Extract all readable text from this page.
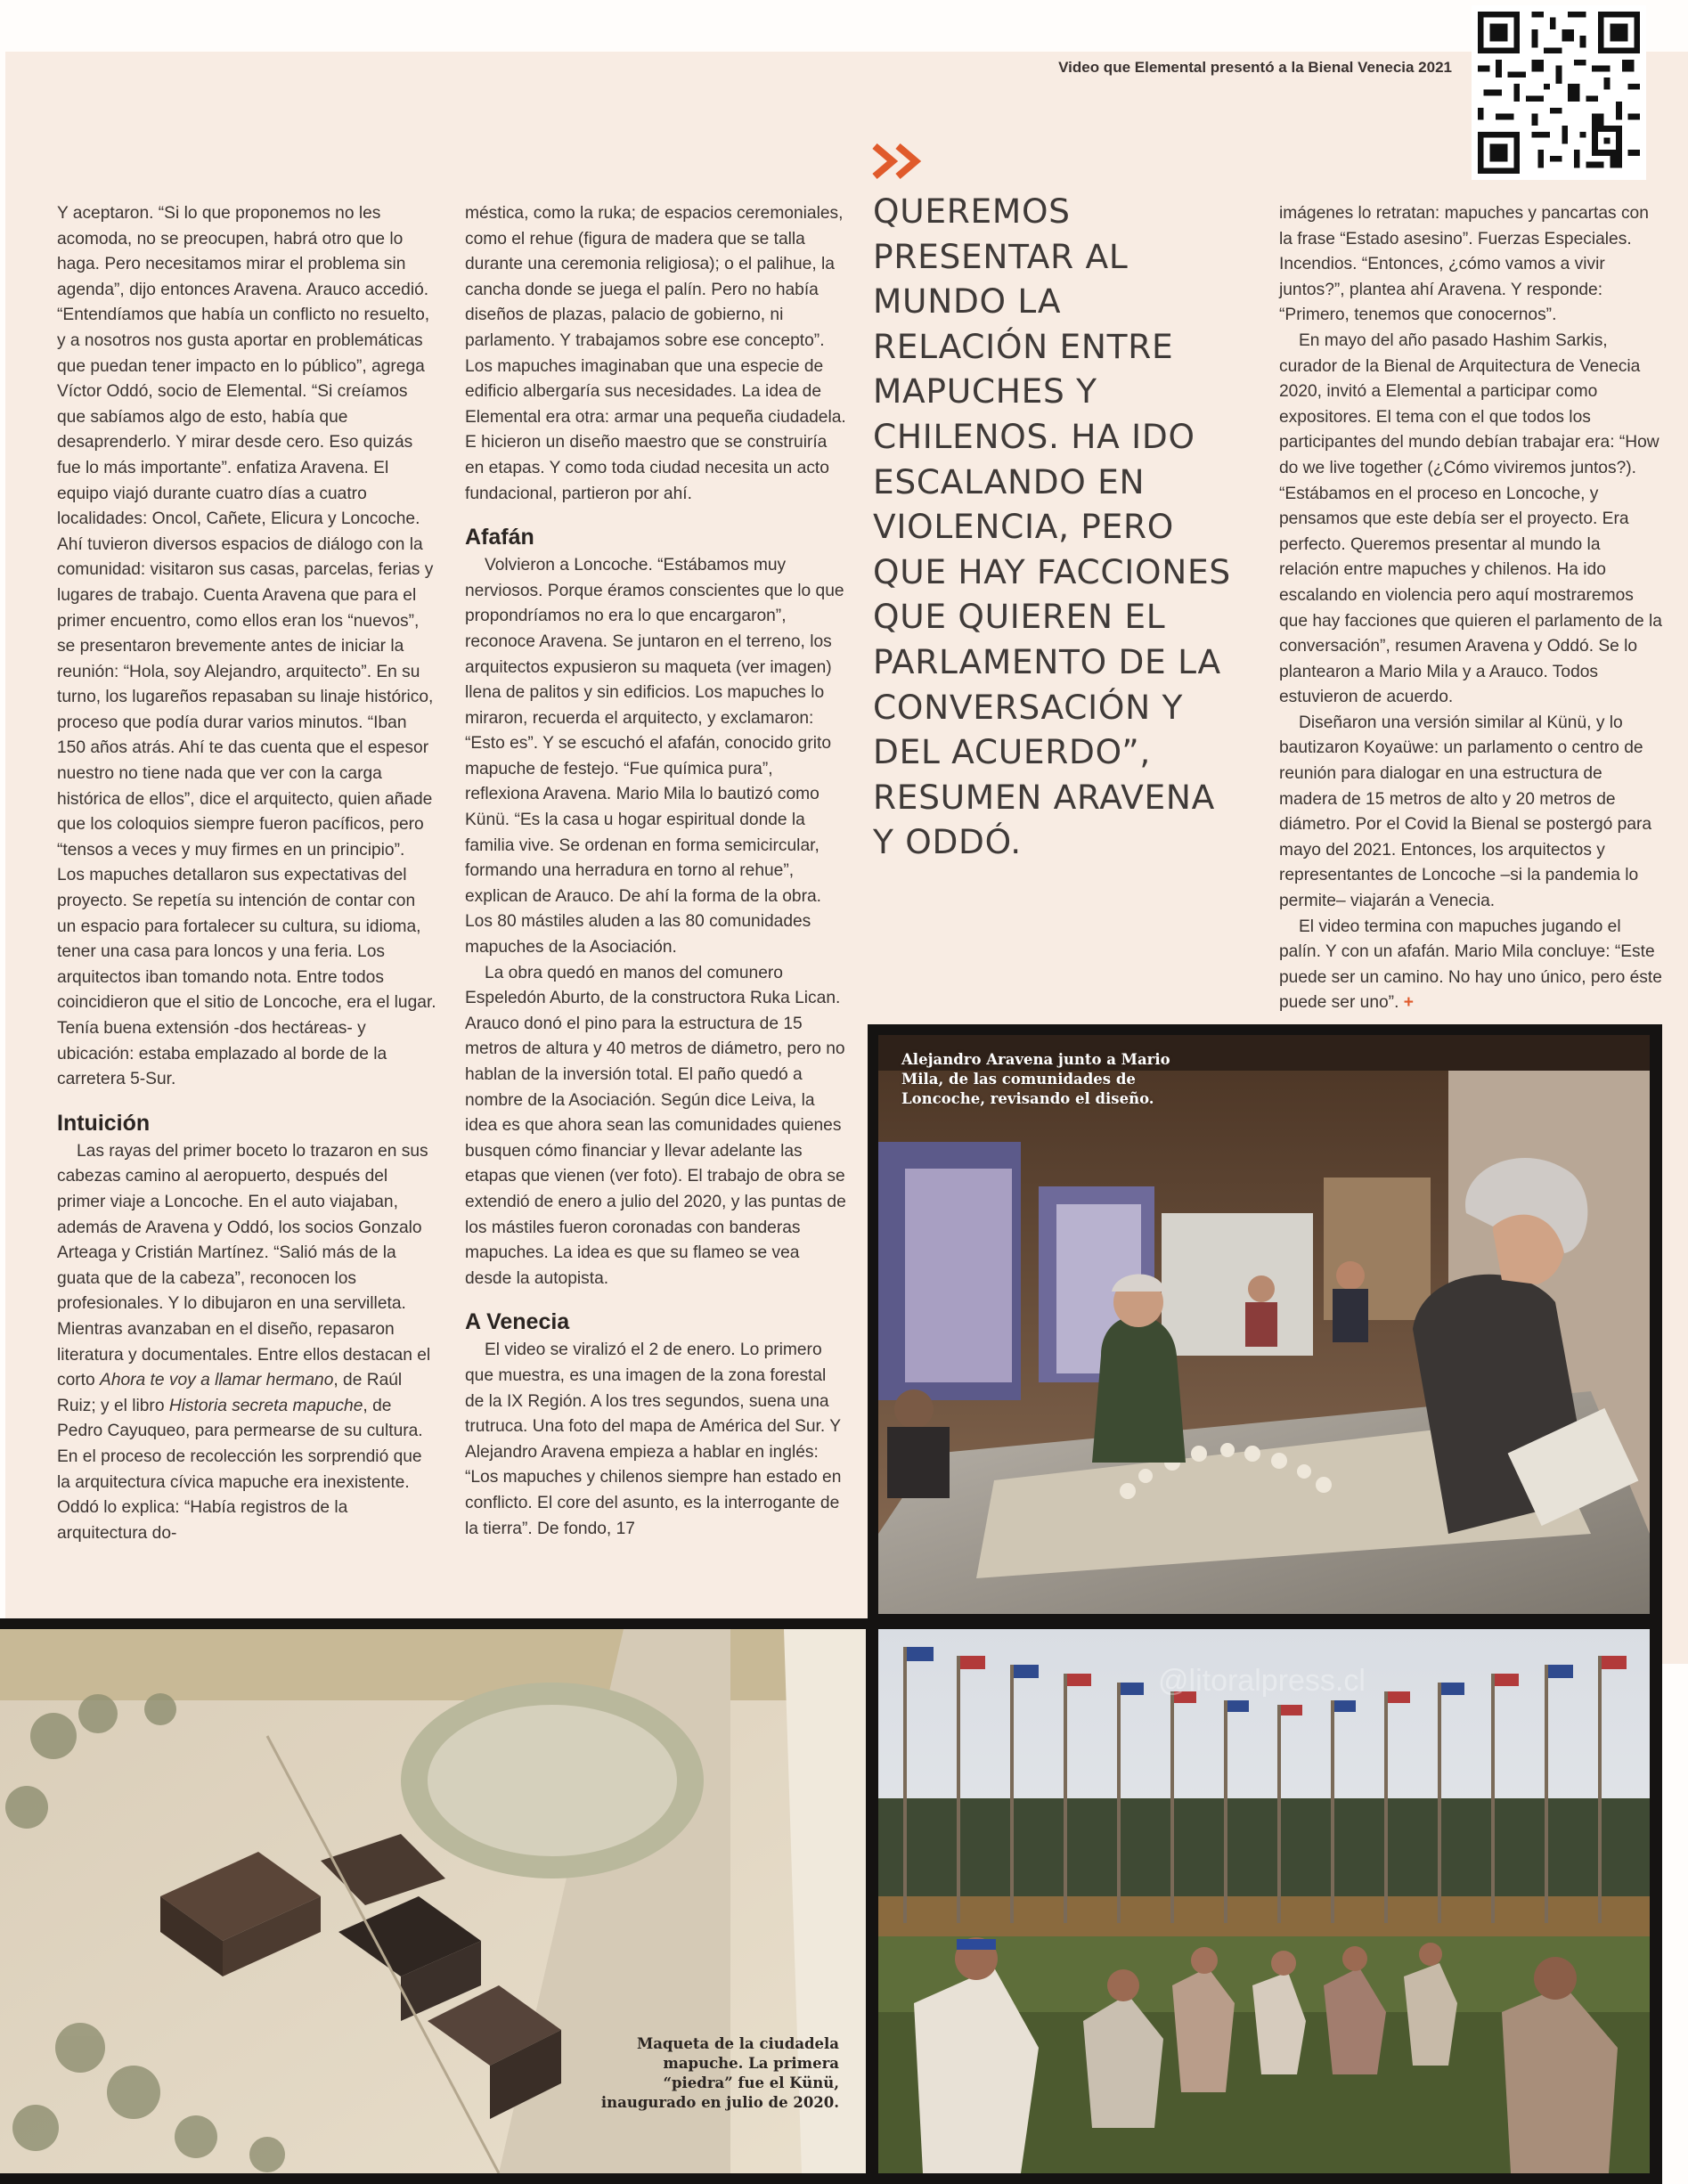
Video que Elemental presentó a la Bienal Venecia 2021

Y aceptaron. “Si lo que proponemos no les acomoda, no se preocupen, habrá otro que lo haga. Pero necesitamos mirar el problema sin agenda”, dijo entonces Aravena. Arauco accedió. “Entendíamos que había un conflicto no resuelto, y a nosotros nos gusta aportar en problemáticas que puedan tener impacto en lo público”, agrega Víctor Oddó, socio de Elemental. “Si creíamos que sabíamos algo de esto, había que desaprenderlo. Y mirar desde cero. Eso quizás fue lo más importante”. enfatiza Aravena. El equipo viajó durante cuatro días a cuatro localidades: Oncol, Cañete, Elicura y Loncoche. Ahí tuvieron diversos espacios de diálogo con la comunidad: visitaron sus casas, parcelas, ferias y lugares de trabajo. Cuenta Aravena que para el primer encuentro, como ellos eran los “nuevos”, se presentaron brevemente antes de iniciar la reunión: “Hola, soy Alejandro, arquitecto”. En su turno, los lugareños repasaban su linaje histórico, proceso que podía durar varios minutos. “Iban 150 años atrás. Ahí te das cuenta que el espesor nuestro no tiene nada que ver con la carga histórica de ellos”, dice el arquitecto, quien añade que los coloquios siempre fueron pacíficos, pero “tensos a veces y muy firmes en un principio”. Los mapuches detallaron sus expectativas del proyecto. Se repetía su intención de contar con un espacio para fortalecer su cultura, su idioma, tener una casa para loncos y una feria. Los arquitectos iban tomando nota. Entre todos coincidieron que el sitio de Loncoche, era el lugar. Tenía buena extensión -dos hectáreas- y ubicación: estaba emplazado al borde de la carretera 5-Sur.

Intuición

Las rayas del primer boceto lo trazaron en sus cabezas camino al aeropuerto, después del primer viaje a Loncoche. En el auto viajaban, además de Aravena y Oddó, los socios Gonzalo Arteaga y Cristián Martínez. “Salió más de la guata que de la cabeza”, reconocen los profesionales. Y lo dibujaron en una servilleta. Mientras avanzaban en el diseño, repasaron literatura y documentales. Entre ellos destacan el corto Ahora te voy a llamar hermano, de Raúl Ruiz; y el libro Historia secreta mapuche, de Pedro Cayuqueo, para permearse de su cultura. En el proceso de recolección les sorprendió que la arquitectura cívica mapuche era inexistente. Oddó lo explica: “Había registros de la arquitectura do-

méstica, como la ruka; de espacios ceremoniales, como el rehue (figura de madera que se talla durante una ceremonia religiosa); o el palihue, la cancha donde se juega el palín. Pero no había diseños de plazas, palacio de gobierno, ni parlamento. Y trabajamos sobre ese concepto”. Los mapuches imaginaban que una especie de edificio albergaría sus necesidades. La idea de Elemental era otra: armar una pequeña ciudadela. E hicieron un diseño maestro que se construiría en etapas. Y como toda ciudad necesita un acto fundacional, partieron por ahí.

Afafán

Volvieron a Loncoche. “Estábamos muy nerviosos. Porque éramos conscientes que lo que propondríamos no era lo que encargaron”, reconoce Aravena. Se juntaron en el terreno, los arquitectos expusieron su maqueta (ver imagen) llena de palitos y sin edificios. Los mapuches lo miraron, recuerda el arquitecto, y exclamaron: “Esto es”. Y se escuchó el afafán, conocido grito mapuche de festejo. “Fue química pura”, reflexiona Aravena. Mario Mila lo bautizó como Künü. “Es la casa u hogar espiritual donde la familia vive. Se ordenan en forma semicircular, formando una herradura en torno al rehue”, explican de Arauco. De ahí la forma de la obra. Los 80 mástiles aluden a las 80 comunidades mapuches de la Asociación.

La obra quedó en manos del comunero Espeledón Aburto, de la constructora Ruka Lican. Arauco donó el pino para la estructura de 15 metros de altura y 40 metros de diámetro, pero no hablan de la inversión total. El paño quedó a nombre de la Asociación. Según dice Leiva, la idea es que ahora sean las comunidades quienes busquen cómo financiar y llevar adelante las etapas que vienen (ver foto). El trabajo de obra se extendió de enero a julio del 2020, y las puntas de los mástiles fueron coronadas con banderas mapuches. La idea es que su flameo se vea desde la autopista.

A Venecia

El video se viralizó el 2 de enero. Lo primero que muestra, es una imagen de la zona forestal de la IX Región. A los tres segundos, suena una trutruca. Una foto del mapa de América del Sur. Y Alejandro Aravena empieza a hablar en inglés: “Los mapuches y chilenos siempre han estado en conflicto. El core del asunto, es la interrogante de la tierra”. De fondo, 17

QUEREMOS PRESENTAR AL MUNDO LA RELACIÓN ENTRE MAPUCHES Y CHILENOS. HA IDO ESCALANDO EN VIOLENCIA, PERO QUE HAY FACCIONES QUE QUIEREN EL PARLAMENTO DE LA CONVERSACIÓN Y DEL ACUERDO”, RESUMEN ARAVENA Y ODDÓ.

imágenes lo retratan: mapuches y pancartas con la frase “Estado asesino”. Fuerzas Especiales. Incendios. “Entonces, ¿cómo vamos a vivir juntos?”, plantea ahí Aravena. Y responde: “Primero, tenemos que conocernos”.

En mayo del año pasado Hashim Sarkis, curador de la Bienal de Arquitectura de Venecia 2020, invitó a Elemental a participar como expositores. El tema con el que todos los participantes del mundo debían trabajar era: “How do we live together (¿Cómo viviremos juntos?). “Estábamos en el proceso en Loncoche, y pensamos que este debía ser el proyecto. Era perfecto. Queremos presentar al mundo la relación entre mapuches y chilenos. Ha ido escalando en violencia pero aquí mostraremos que hay facciones que quieren el parlamento de la conversación”, resumen Aravena y Oddó. Se lo plantearon a Mario Mila y a Arauco. Todos estuvieron de acuerdo.

Diseñaron una versión similar al Künü, y lo bautizaron Koyaüwe: un parlamento o centro de reunión para dialogar en una estructura de madera de 15 metros de alto y 20 metros de diámetro. Por el Covid la Bienal se postergó para mayo del 2021. Entonces, los arquitectos y representantes de Loncoche –si la pandemia lo permite– viajarán a Venecia.

El video termina con mapuches jugando el palín. Y con un afafán. Mario Mila concluye: “Este puede ser un camino. No hay uno único, pero éste puede ser uno”. +

Alejandro Aravena junto a Mario Mila, de las comunidades de Loncoche, revisando el diseño.
Maqueta de la ciudadela mapuche. La primera “piedra” fue el Künü, inaugurado en julio de 2020.
@litoralpress.cl
